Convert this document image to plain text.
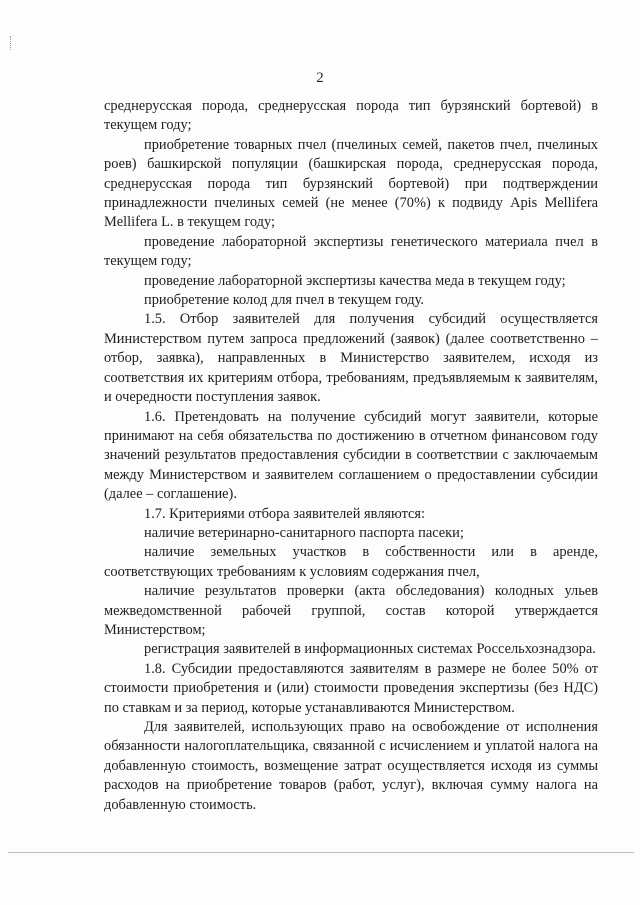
2

среднерусская порода, среднерусская порода тип бурзянский бортевой) в текущем году;

приобретение товарных пчел (пчелиных семей, пакетов пчел, пчелиных роев) башкирской популяции (башкирская порода, среднерусская порода, среднерусская порода тип бурзянский бортевой) при подтверждении принадлежности пчелиных семей (не менее (70%) к подвиду Apis Mellifera Mellifera L. в текущем году;

проведение лабораторной экспертизы генетического материала пчел в текущем году;

проведение лабораторной экспертизы качества меда в текущем году;

приобретение колод для пчел в текущем году.

1.5. Отбор заявителей для получения субсидий осуществляется Министерством путем запроса предложений (заявок) (далее соответственно – отбор, заявка), направленных в Министерство заявителем, исходя из соответствия их критериям отбора, требованиям, предъявляемым к заявителям, и очередности поступления заявок.

1.6. Претендовать на получение субсидий могут заявители, которые принимают на себя обязательства по достижению в отчетном финансовом году значений результатов предоставления субсидии в соответствии с заключаемым между Министерством и заявителем соглашением о предоставлении субсидии (далее – соглашение).

1.7. Критериями отбора заявителей являются:

наличие ветеринарно-санитарного паспорта пасеки;

наличие земельных участков в собственности или в аренде, соответствующих требованиям к условиям содержания пчел,

наличие результатов проверки (акта обследования) колодных ульев межведомственной рабочей группой, состав которой утверждается Министерством;

регистрация заявителей в информационных системах Россельхознадзора.

1.8. Субсидии предоставляются заявителям в размере не более 50% от стоимости приобретения и (или) стоимости проведения экспертизы (без НДС) по ставкам и за период, которые устанавливаются Министерством.

Для заявителей, использующих право на освобождение от исполнения обязанности налогоплательщика, связанной с исчислением и уплатой налога на добавленную стоимость, возмещение затрат осуществляется исходя из суммы расходов на приобретение товаров (работ, услуг), включая сумму налога на добавленную стоимость.
